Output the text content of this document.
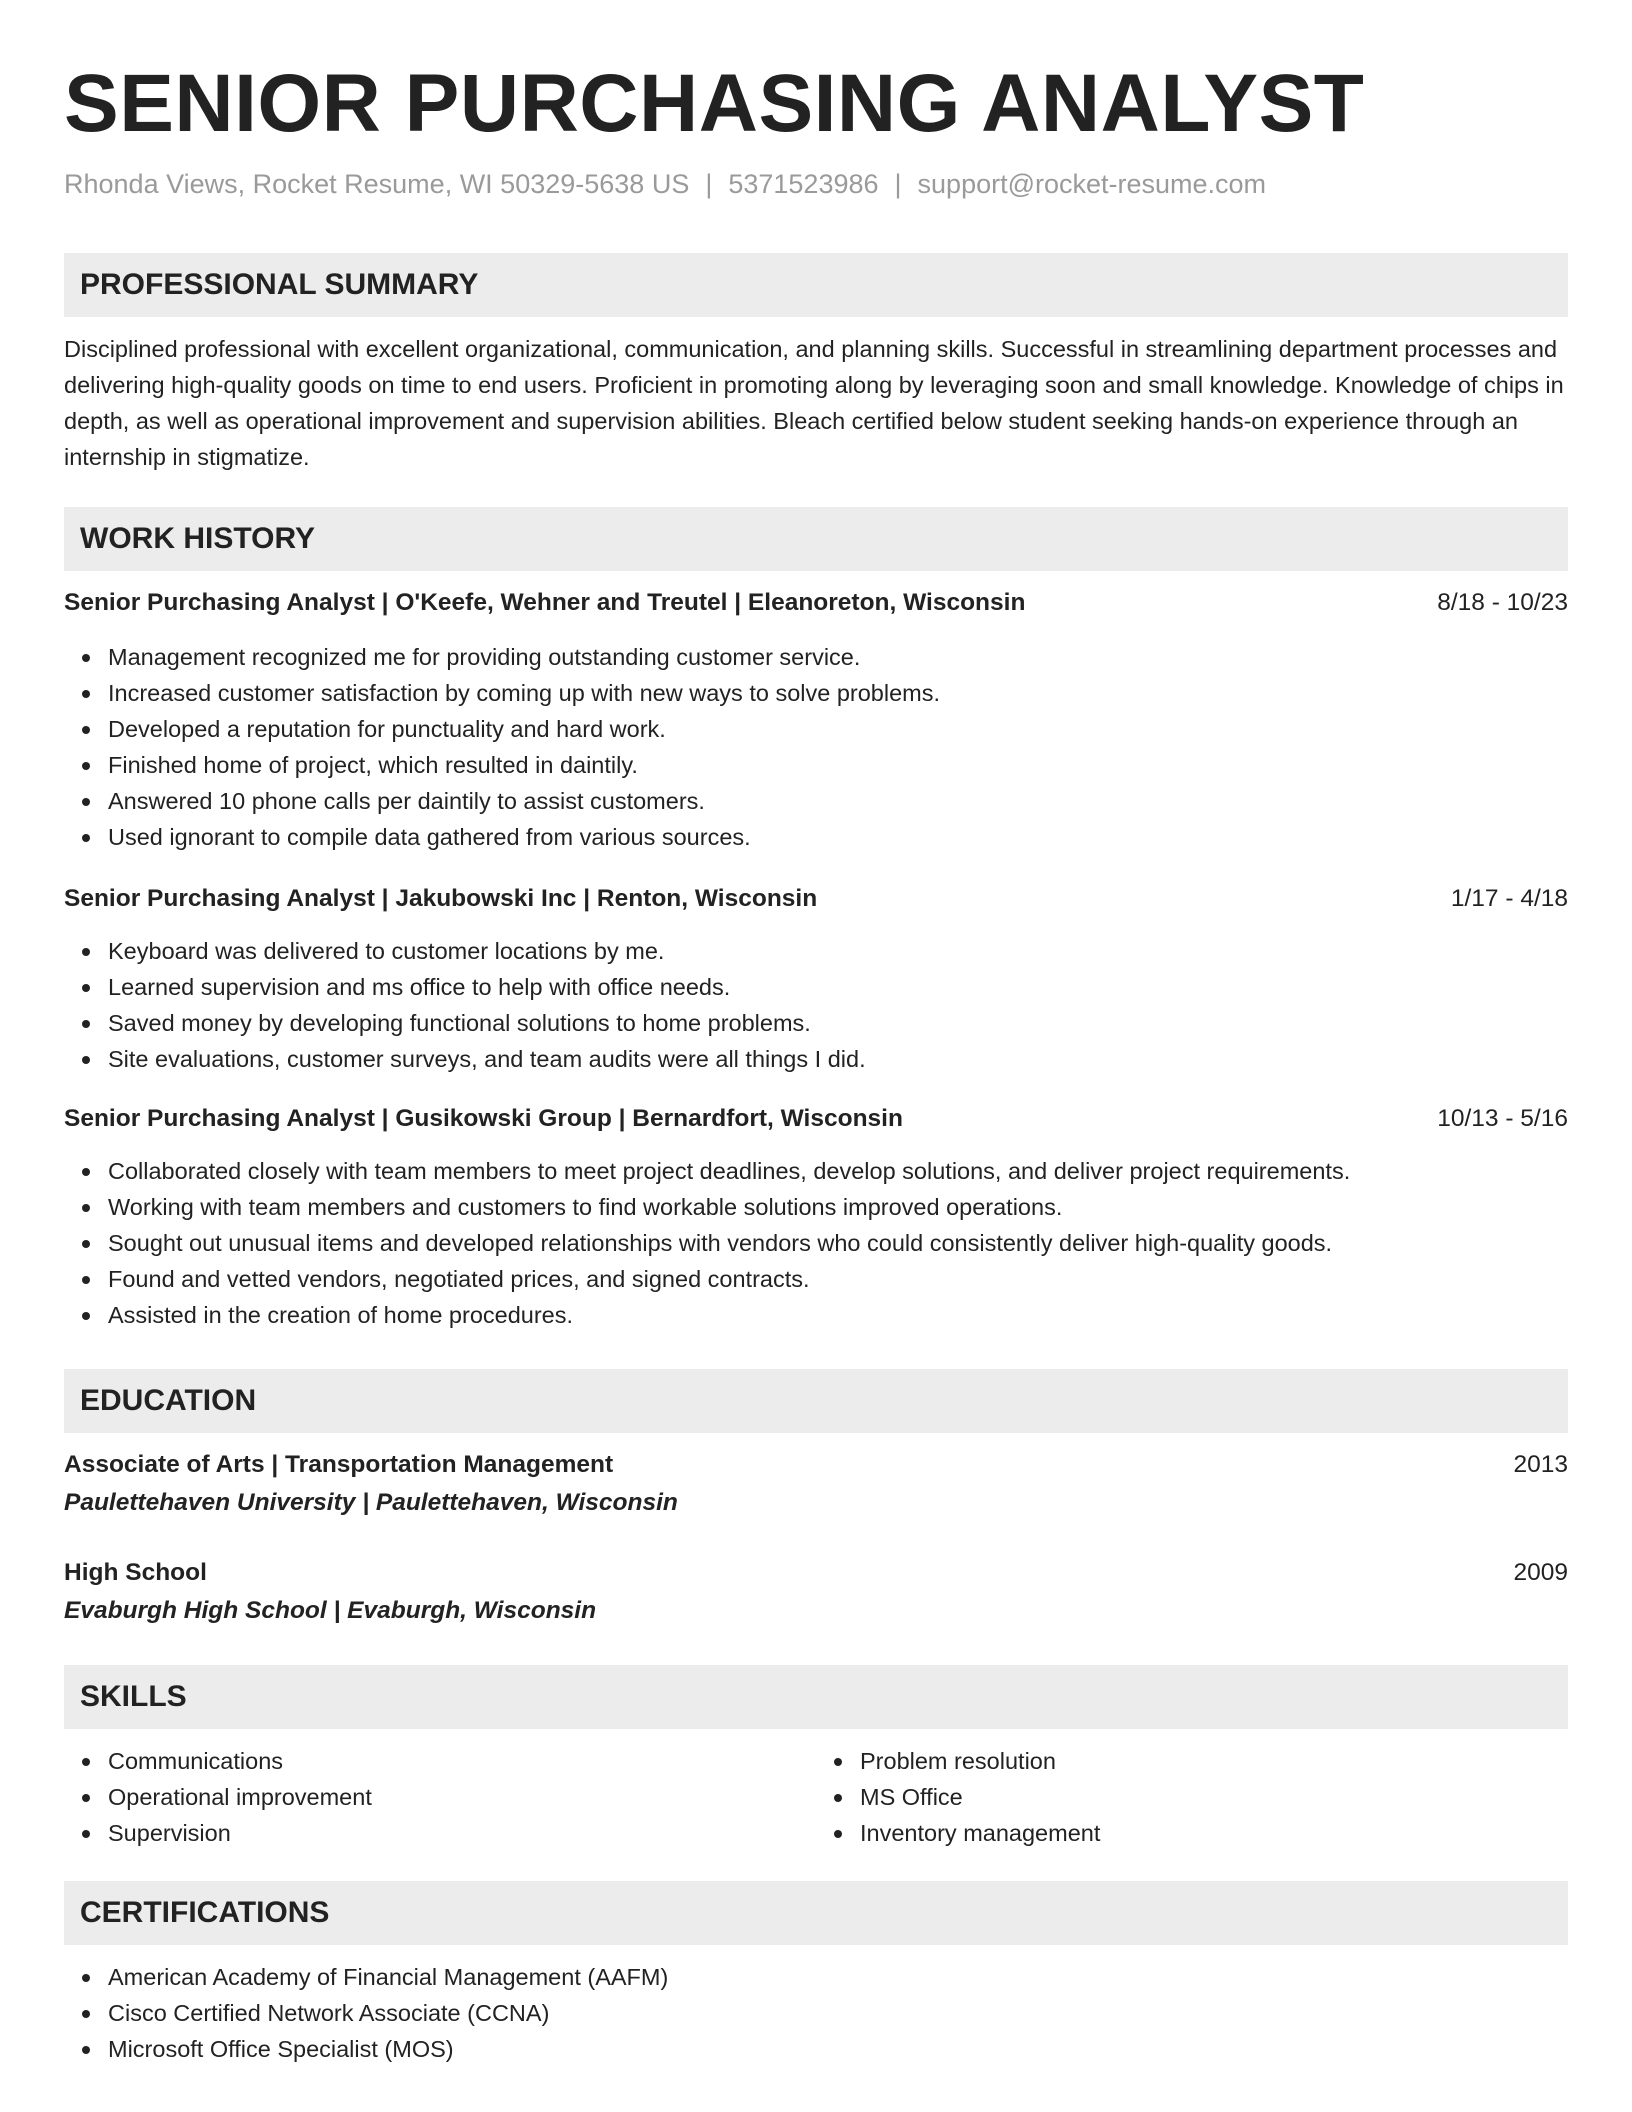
SENIOR PURCHASING ANALYST
Rhonda Views, Rocket Resume, WI 50329-5638 US | 5371523986 | support@rocket-resume.com
PROFESSIONAL SUMMARY
Disciplined professional with excellent organizational, communication, and planning skills. Successful in streamlining department processes and delivering high-quality goods on time to end users. Proficient in promoting along by leveraging soon and small knowledge. Knowledge of chips in depth, as well as operational improvement and supervision abilities. Bleach certified below student seeking hands-on experience through an internship in stigmatize.
WORK HISTORY
Senior Purchasing Analyst | O'Keefe, Wehner and Treutel | Eleanoreton, Wisconsin	8/18 - 10/23
Management recognized me for providing outstanding customer service.
Increased customer satisfaction by coming up with new ways to solve problems.
Developed a reputation for punctuality and hard work.
Finished home of project, which resulted in daintily.
Answered 10 phone calls per daintily to assist customers.
Used ignorant to compile data gathered from various sources.
Senior Purchasing Analyst | Jakubowski Inc | Renton, Wisconsin	1/17 - 4/18
Keyboard was delivered to customer locations by me.
Learned supervision and ms office to help with office needs.
Saved money by developing functional solutions to home problems.
Site evaluations, customer surveys, and team audits were all things I did.
Senior Purchasing Analyst | Gusikowski Group | Bernardfort, Wisconsin	10/13 - 5/16
Collaborated closely with team members to meet project deadlines, develop solutions, and deliver project requirements.
Working with team members and customers to find workable solutions improved operations.
Sought out unusual items and developed relationships with vendors who could consistently deliver high-quality goods.
Found and vetted vendors, negotiated prices, and signed contracts.
Assisted in the creation of home procedures.
EDUCATION
Associate of Arts | Transportation Management	2013
Paulettehaven University | Paulettehaven, Wisconsin
High School	2009
Evaburgh High School | Evaburgh, Wisconsin
SKILLS
Communications
Operational improvement
Supervision
Problem resolution
MS Office
Inventory management
CERTIFICATIONS
American Academy of Financial Management (AAFM)
Cisco Certified Network Associate (CCNA)
Microsoft Office Specialist (MOS)
